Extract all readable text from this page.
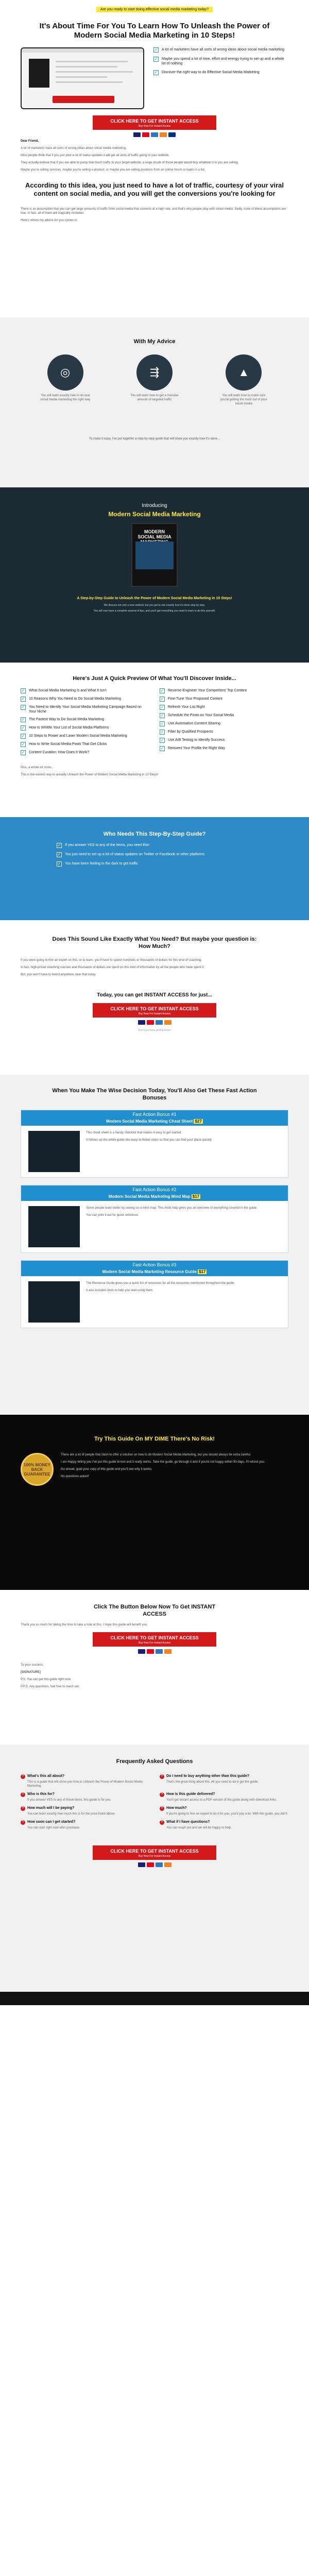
Are you ready to start doing effective social media marketing today?
It's About Time For You To Learn How To Unleash the Power of Modern Social Media Marketing in 10 Steps!
✓ A lot of marketers have all sorts of wrong ideas about social media marketing
✓ Maybe you spend a lot of time, effort and energy trying to set up and a whole lot of nothing
✓ Discover the right way to do Effective Social Media Marketing
CLICK HERE TO GET INSTANT ACCESS
Buy Now For Instant Access

Dear Friend,

A lot of marketers have all sorts of wrong ideas about social media marketing.

Most people think that if you just post a lot of status updates it will get all sorts of traffic going to your website.

They actually believe that if you are able to pump that much traffic to your target website, a large chunk of these people would buy whatever it is you are selling.

Maybe you're selling services, maybe you're selling a product, or maybe you are selling positions from an online forum or leads in a list.

According to this idea, you just need to have a lot of traffic, courtesy of your viral content on social media, and you will get the conversions you're looking for

There is an assumption that you can get large amounts of traffic from social media that converts at a high rate, and that's why people play with social media. Sadly, none of these assumptions are true. In fact, all of them are tragically mistaken.

Here's where my advice for you comes in.

With My Advice
◎
You will learn exactly how to do real social media marketing the right way
⇶
You will learn how to get a massive amount of targeted traffic
▲
You will learn how to make sure you're getting the most out of your social media
To make it easy, I've put together a step-by-step guide that will show you exactly how it's done...
Introducing
Modern Social Media Marketing
MODERN SOCIAL MEDIA
A Step-by-Step Guide to Unleash the Power of Modern Social Media Marketing in 10 Steps!
We discuss not only a new method, but you get to see exactly how it's done step by step.
You will now have a complete arsenal of tips, and you'll get everything you need to learn to do this yourself.
Here's Just A Quick Preview Of What You'll Discover Inside...
✓ What Social Media Marketing Is and What It Isn't
✓ 10 Reasons Why You Need to Do Social Media Marketing
✓ You Need to Identify Your Social Media Marketing Campaign Based on Your Niche
✓ The Fastest Way to Do Social Media Marketing
✓ How to Whittle Your List of Social Media Platforms
✓ 10 Steps to Power and Laser Modern Social Media Marketing
✓ How to Write Social Media Posts That Get Clicks
✓ Content Curation: How Does It Work?
✓ Reverse-Engineer Your Competitors' Top Content
✓ Fine-Tune Your Proposed Content
✓ Refresh Your List Right
✓ Schedule the Posts on Your Social Media
✓ Use Automation Content Sharing
✓ Filter by Qualified Prospects
✓ Use A/B Testing to Identify Success
✓ Reinvent Your Profile the Right Way

Plus, a whole lot more...

This is the easiest way to actually Unleash the Power of Modern Social Media Marketing in 10 Steps!

Who Needs This Step-By-Step Guide?
✓ If you answer YES to any of the items, you need this!
✓ You just need to set up a lot of status updates on Twitter or Facebook or other platforms
✓ You have been feeling in the dark to get traffic
Does This Sound Like Exactly What You Need? But maybe your question is: How Much?

If you were going to hire an expert on this, or to learn, you'll have to spend hundreds or thousands of dollars for this kind of coaching.

In fact, high-priced coaching courses and thousands of dollars are spent on this kind of information by all the people who have spent it.

But, you won't have to invest anywhere near that today.

Today, you can get INSTANT ACCESS for just...
CLICK HERE TO GET INSTANT ACCESS
Buy Now For Instant Access
Don't just keep getting broke
When You Make The Wise Decision Today, You'll Also Get These Fast Action Bonuses
Fast Action Bonus #1
Modern Social Media Marketing Cheat Sheet $27

This cheat sheet is a handy checklist that makes it easy to get started.

It follows up the entire guide into easy-to-follow steps so that you can find your place quickly.

Fast Action Bonus #2
Modern Social Media Marketing Mind Map $17

Some people learn better by seeing on a mind map. This mind map gives you an overview of everything covered in the guide.

You can print it out for quick reference.

Fast Action Bonus #3
Modern Social Media Marketing Resource Guide $17

The Resource Guide gives you a quick list of resources for all the resources mentioned throughout the guide.

It also includes tools to help you start using them.

Try This Guide On MY DIME There's No Risk!
100% MONEY BACK GUARANTEE

There are a lot of people that claim to offer a solution on how to do Modern Social Media Marketing, but you should always be extra careful.

I am Happy telling you I've put this guide to test and it really works. Take the guide, go through it and if you're not happy within 30 days, I'll refund you.

Go ahead, grab your copy of this guide and you'll see why it works.

No questions asked!

Click The Button Below Now To Get INSTANT ACCESS

Thank you so much for taking the time to take a look at this. I hope this guide will benefit you.

CLICK HERE TO GET INSTANT ACCESS
Buy Now For Instant Access

To your success,

[SIGNATURE]

P.S. You can get this guide right now.

P.P.S. Any questions, feel free to reach out.

Frequently Asked Questions
? What's this all about?
This is a guide that will show you how to Unleash the Power of Modern Social Media Marketing.
? Do I need to buy anything other than this guide?
That's the great thing about this. All you need to do is get the guide.
? Who is this for?
If you answer YES to any of these items, this guide is for you.
? How is this guide delivered?
You'll get instant access to a PDF version of the guide along with download links.
? How much will I be paying?
You can learn exactly how much this is for the price listed above.
? How much?
If you're going to hire an expert to do it for you, you'd pay a lot. With this guide, you don't.
? How soon can I get started?
You can start right now after purchase.
? What if I have questions?
You can reach out and we will be happy to help.
CLICK HERE TO GET INSTANT ACCESS
Buy Now For Instant Access
